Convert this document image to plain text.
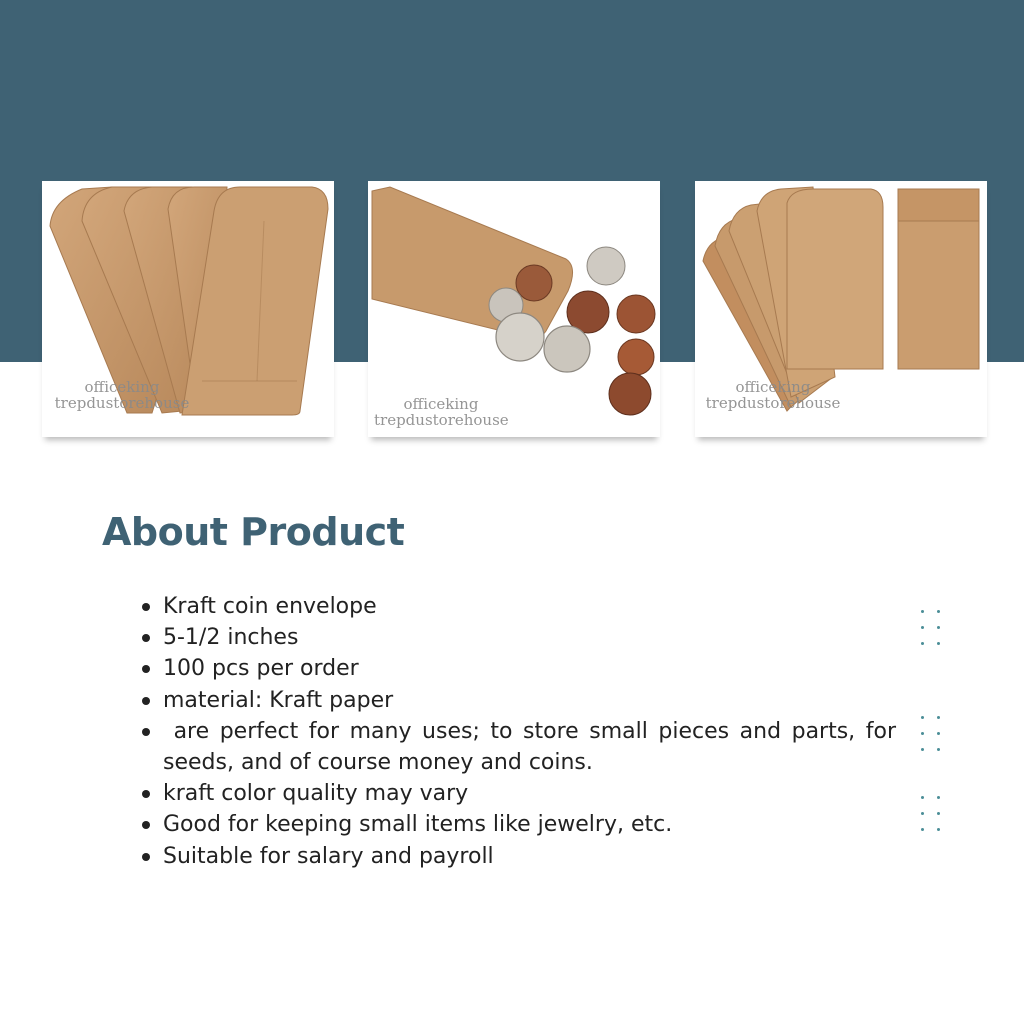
officeking
trepdustorehouse	officeking
trepdustorehouse
officeking
trepdustorehouse
About Product
Kraft coin envelope
5-1/2 inches
100 pcs per order
material: Kraft paper
are perfect for many uses; to store small pieces and parts, for seeds, and of course money and coins.
kraft color quality may vary
Good for keeping small items like jewelry, etc.
Suitable for salary and payroll
